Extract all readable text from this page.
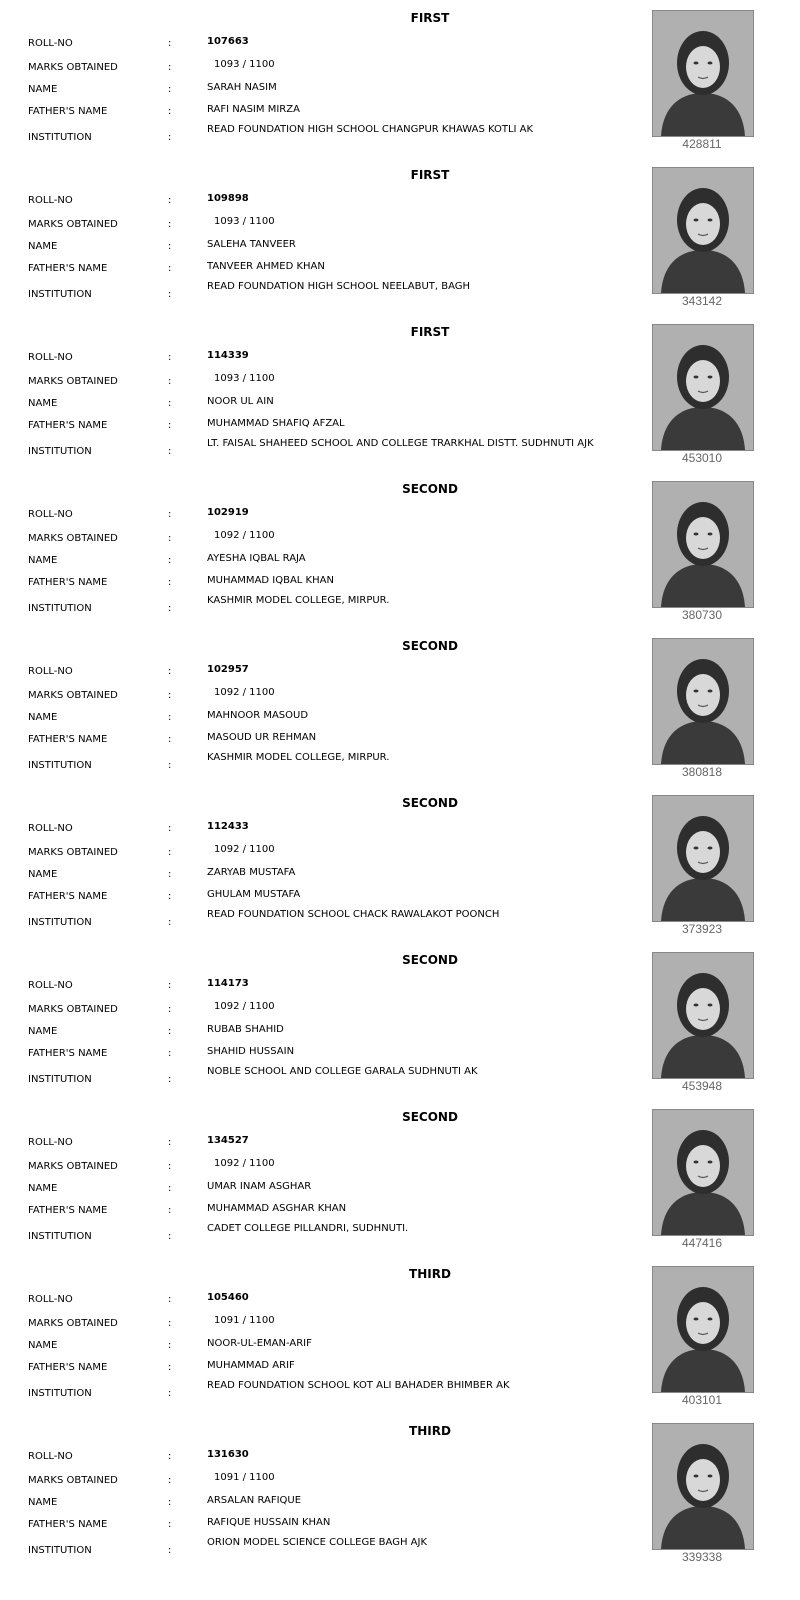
FIRST
ROLL-NO	:	107663
MARKS OBTAINED	:	1093 / 1100
NAME	:	SARAH NASIM
FATHER'S NAME	:	RAFI NASIM MIRZA
INSTITUTION	:
READ FOUNDATION HIGH SCHOOL CHANGPUR KHAWAS KOTLI AK
428811
FIRST
ROLL-NO	:	109898
MARKS OBTAINED	:	1093 / 1100
NAME	:	SALEHA TANVEER
FATHER'S NAME	:	TANVEER AHMED KHAN
INSTITUTION	:
READ FOUNDATION HIGH SCHOOL NEELABUT, BAGH
343142
FIRST
ROLL-NO	:	114339
MARKS OBTAINED	:	1093 / 1100
NAME	:	NOOR UL AIN
FATHER'S NAME	:	MUHAMMAD SHAFIQ AFZAL
INSTITUTION	:
LT. FAISAL SHAHEED SCHOOL AND COLLEGE TRARKHAL DISTT. SUDHNUTI AJK
453010
SECOND
ROLL-NO	:	102919
MARKS OBTAINED	:	1092 / 1100
NAME	:	AYESHA IQBAL RAJA
FATHER'S NAME	:	MUHAMMAD IQBAL KHAN
INSTITUTION	:
KASHMIR MODEL COLLEGE, MIRPUR.
380730
SECOND
ROLL-NO	:	102957
MARKS OBTAINED	:	1092 / 1100
NAME	:	MAHNOOR MASOUD
FATHER'S NAME	:	MASOUD UR REHMAN
INSTITUTION	:
KASHMIR MODEL COLLEGE, MIRPUR.
380818
SECOND
ROLL-NO	:	112433
MARKS OBTAINED	:	1092 / 1100
NAME	:	ZARYAB MUSTAFA
FATHER'S NAME	:	GHULAM MUSTAFA
INSTITUTION	:
READ FOUNDATION SCHOOL CHACK RAWALAKOT POONCH
373923
SECOND
ROLL-NO	:	114173
MARKS OBTAINED	:	1092 / 1100
NAME	:	RUBAB SHAHID
FATHER'S NAME	:	SHAHID HUSSAIN
INSTITUTION	:
NOBLE SCHOOL AND COLLEGE GARALA SUDHNUTI AK
453948
SECOND
ROLL-NO	:	134527
MARKS OBTAINED	:	1092 / 1100
NAME	:	UMAR INAM ASGHAR
FATHER'S NAME	:	MUHAMMAD ASGHAR KHAN
INSTITUTION	:
CADET COLLEGE PILLANDRI, SUDHNUTI.
447416
THIRD
ROLL-NO	:	105460
MARKS OBTAINED	:	1091 / 1100
NAME	:	NOOR-UL-EMAN-ARIF
FATHER'S NAME	:	MUHAMMAD ARIF
INSTITUTION	:
READ FOUNDATION SCHOOL KOT ALI BAHADER BHIMBER AK
403101
THIRD
ROLL-NO	:	131630
MARKS OBTAINED	:	1091 / 1100
NAME	:	ARSALAN RAFIQUE
FATHER'S NAME	:	RAFIQUE HUSSAIN KHAN
INSTITUTION	:
ORION MODEL SCIENCE COLLEGE BAGH AJK
339338
